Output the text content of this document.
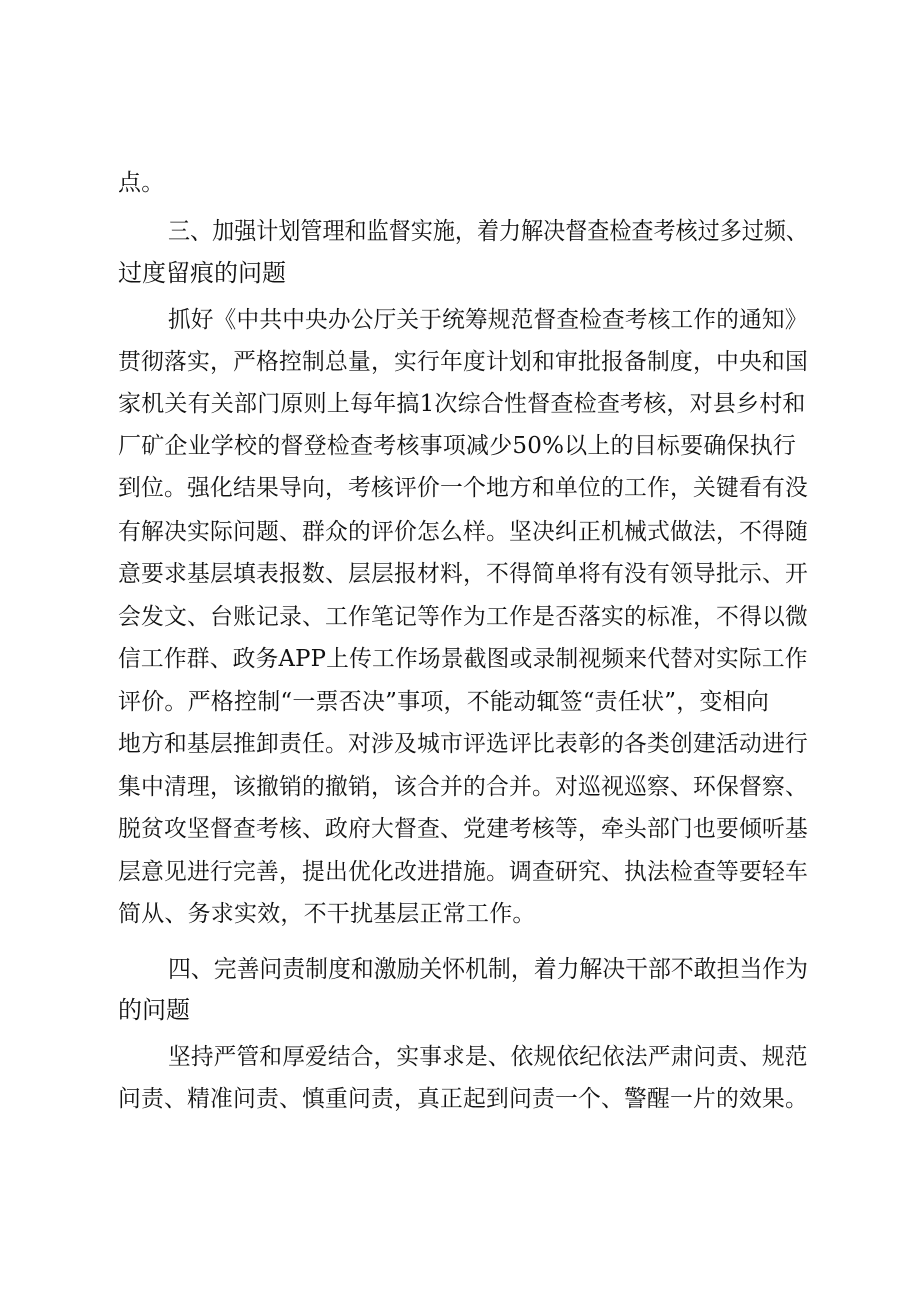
点。
三、加强计划管理和监督实施，着力解决督查检查考核过多过频、
过度留痕的问题
抓好《中共中央办公厅关于统筹规范督查检查考核工作的通知》
贯彻落实，严格控制总量，实行年度计划和审批报备制度，中央和国
家机关有关部门原则上每年搞1次综合性督查检查考核，对县乡村和
厂矿企业学校的督登检查考核事项减少50%以上的目标要确保执行
到位。强化结果导向，考核评价一个地方和单位的工作，关键看有没
有解决实际问题、群众的评价怎么样。坚决纠正机械式做法，不得随
意要求基层填表报数、层层报材料，不得简单将有没有领导批示、开
会发文、台账记录、工作笔记等作为工作是否落实的标准，不得以微
信工作群、政务APP上传工作场景截图或录制视频来代替对实际工作
评价。严格控制“一票否决”事项，不能动辄签“责任状”，变相向
地方和基层推卸责任。对涉及城市评选评比表彰的各类创建活动进行
集中清理，该撤销的撤销，该合并的合并。对巡视巡察、环保督察、
脱贫攻坚督查考核、政府大督查、党建考核等，牵头部门也要倾听基
层意见进行完善，提出优化改进措施。调查研究、执法检查等要轻车
简从、务求实效，不干扰基层正常工作。
四、完善问责制度和激励关怀机制，着力解决干部不敢担当作为
的问题
坚持严管和厚爱结合，实事求是、依规依纪依法严肃问责、规范
问责、精准问责、慎重问责，真正起到问责一个、警醒一片的效果。
